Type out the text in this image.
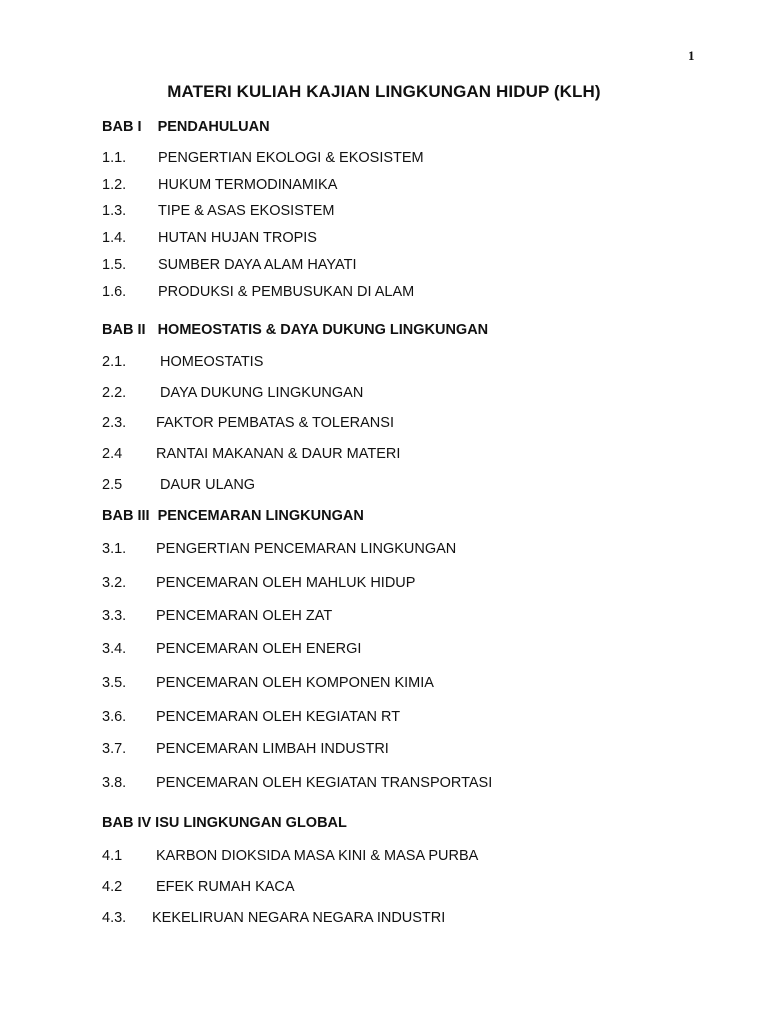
1
MATERI KULIAH KAJIAN LINGKUNGAN HIDUP (KLH)
BAB I    PENDAHULUAN
1.1. PENGERTIAN EKOLOGI & EKOSISTEM
1.2. HUKUM TERMODINAMIKA
1.3. TIPE & ASAS EKOSISTEM
1.4. HUTAN HUJAN TROPIS
1.5. SUMBER DAYA ALAM HAYATI
1.6. PRODUKSI & PEMBUSUKAN DI ALAM
BAB II   HOMEOSTATIS & DAYA DUKUNG LINGKUNGAN
2.1. HOMEOSTATIS
2.2. DAYA DUKUNG LINGKUNGAN
2.3. FAKTOR PEMBATAS & TOLERANSI
2.4 RANTAI MAKANAN & DAUR MATERI
2.5	DAUR ULANG
BAB III  PENCEMARAN LINGKUNGAN
3.1. PENGERTIAN PENCEMARAN LINGKUNGAN
3.2. PENCEMARAN OLEH MAHLUK HIDUP
3.3. PENCEMARAN OLEH ZAT
3.4. PENCEMARAN OLEH ENERGI
3.5. PENCEMARAN OLEH KOMPONEN KIMIA
3.6. PENCEMARAN OLEH KEGIATAN RT
3.7. PENCEMARAN LIMBAH INDUSTRI
3.8. PENCEMARAN OLEH KEGIATAN TRANSPORTASI
BAB IV ISU LINGKUNGAN GLOBAL
4.1 KARBON DIOKSIDA MASA KINI & MASA PURBA
4.2 EFEK RUMAH KACA
4.3. KEKELIRUAN NEGARA NEGARA INDUSTRI
